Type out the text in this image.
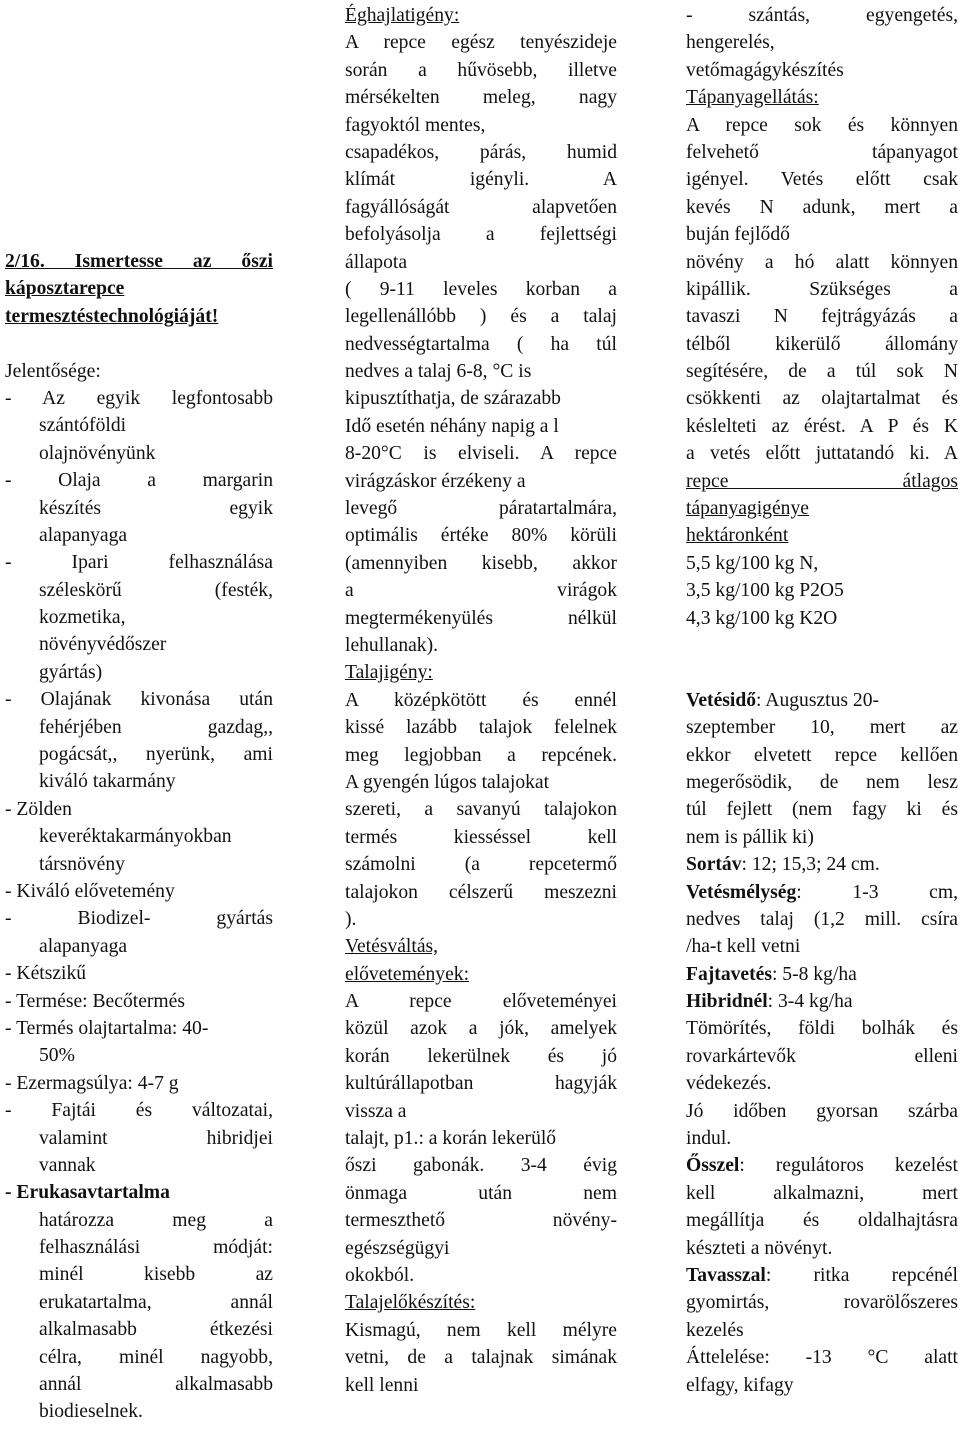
2/16. Ismertesse az őszi
káposztarepce
termesztéstechnológiáját!
Jelentősége:
- Az egyik legfontosabb
szántóföldi
olajnövényünk
- Olaja a margarin
készítés egyik
alapanyaga
- Ipari felhasználása
széleskörű (festék,
kozmetika,
növényvédőszer
gyártás)
- Olajának kivonása után
fehérjében gazdag,,
pogácsát,, nyerünk, ami
kiváló takarmány
- Zölden
keveréktakarmányokban
társnövény
- Kiváló elővetemény
- Biodizel- gyártás
alapanyaga
- Kétszikű
- Termése: Becőtermés
- Termés olajtartalma: 40-
50%
- Ezermagsúlya: 4-7 g
- Fajtái és változatai,
valamint hibridjei
vannak
- Erukasavtartalma
határozza meg a
felhasználási módját:
minél kisebb az
erukatartalma, annál
alkalmasabb étkezési
célra, minél nagyobb,
annál alkalmasabb
biodieselnek.
Éghajlatigény:
A repce egész tenyészideje
során a hűvösebb, illetve
mérsékelten meleg, nagy
fagyoktól mentes,
csapadékos, párás, humid
klímát igényli. A
fagyállóságát alapvetően
befolyásolja a fejlettségi
állapota
( 9-11 leveles korban a
legellenállóbb ) és a talaj
nedvességtartalma ( ha túl
nedves a talaj 6-8, °C is
kipusztíthatja, de szárazabb
Idő esetén néhány napig a l
8-20°C is elviseli. A repce
virágzáskor érzékeny a
levegő páratartalmára,
optimális értéke 80% körüli
(amennyiben kisebb, akkor
a virágok
megtermékenyülés nélkül
lehullanak).
Talajigény:
A középkötött és ennél
kissé lazább talajok felelnek
meg legjobban a repcének.
A gyengén lúgos talajokat
szereti, a savanyú talajokon
termés kiesséssel kell
számolni (a repcetermő
talajokon célszerű meszezni
).
Vetésváltás,
elővetemények:
A repce előveteményei
közül azok a jók, amelyek
korán lekerülnek és jó
kultúrállapotban hagyják
vissza a
talajt, p1.: a korán lekerülő
őszi gabonák. 3-4 évig
önmaga után nem
termeszthető növény-
egészségügyi
okokból.
Talajelőkészítés:
Kismagú, nem kell mélyre
vetni, de a talajnak simának
kell lenni
- szántás, egyengetés,
hengerelés,
vetőmagágykészítés
Tápanyagellátás:
A repce sok és könnyen
felvehető tápanyagot
igényel. Vetés előtt csak
kevés N adunk, mert a
buján fejlődő
növény a hó alatt könnyen
kipállik. Szükséges a
tavaszi N fejtrágyázás a
télből kikerülő állomány
segítésére, de a túl sok N
csökkenti az olajtartalmat és
késlelteti az érést. A P és K
a vetés előtt juttatandó ki. A
repce átlagos
tápanyagigénye
hektáronként
5,5 kg/100 kg N,
3,5 kg/100 kg P2O5
4,3 kg/100 kg K2O
Vetésidő: Augusztus 20-
szeptember 10, mert az
ekkor elvetett repce kellően
megerősödik, de nem lesz
túl fejlett (nem fagy ki és
nem is pállik ki)
Sortáv: 12; 15,3; 24 cm.
Vetésmélység: 1-3 cm,
nedves talaj (1,2 mill. csíra
/ha-t kell vetni
Fajtavetés: 5-8 kg/ha
Hibridnél: 3-4 kg/ha
Tömörítés, földi bolhák és
rovarkártevők elleni
védekezés.
Jó időben gyorsan szárba
indul.
Ősszel: regulátoros kezelést
kell alkalmazni, mert
megállítja és oldalhajtásra
készteti a növényt.
Tavasszal: ritka repcénél
gyomirtás, rovarölőszeres
kezelés
Áttelelése: -13 °C alatt
elfagy, kifagy
